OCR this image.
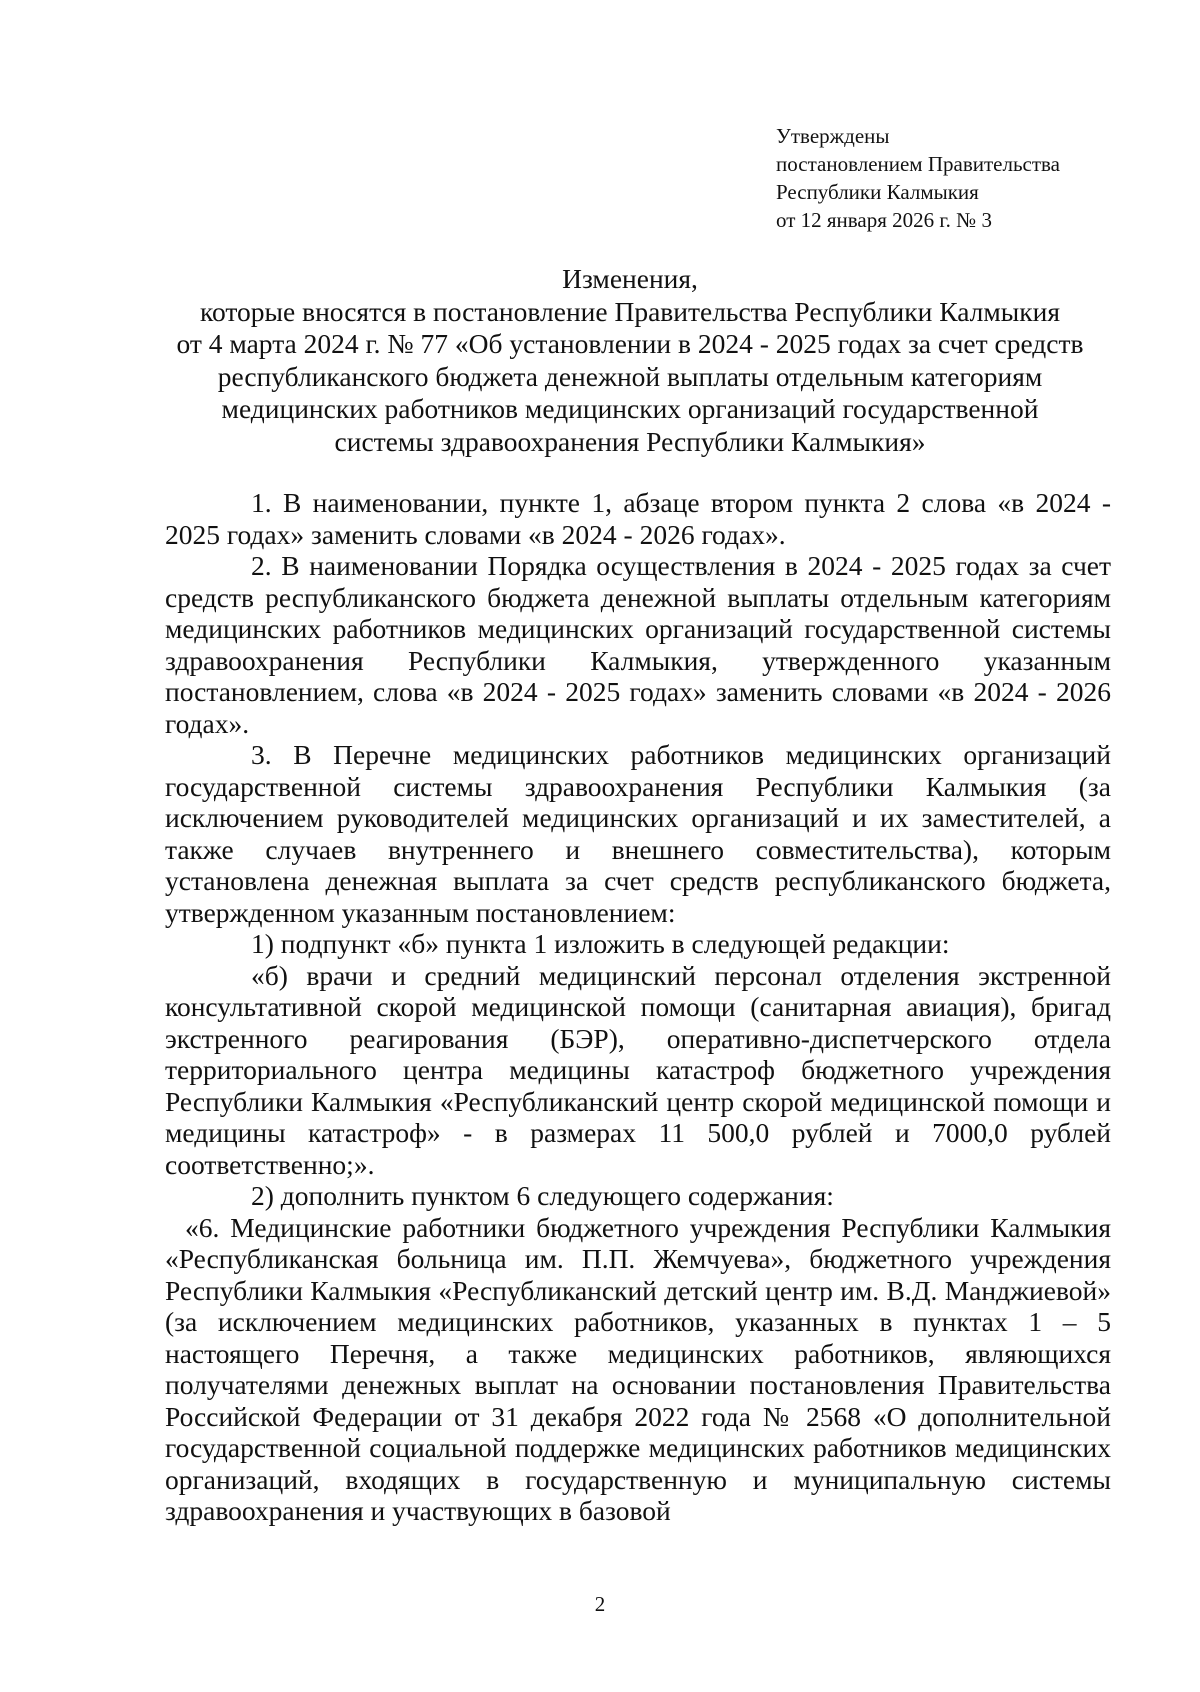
Утверждены
постановлением Правительства
Республики Калмыкия
от 12 января 2026 г. № 3
Изменения,
которые вносятся в постановление Правительства Республики Калмыкия
от 4 марта 2024 г. № 77 «Об установлении в 2024 - 2025 годах за счет средств
республиканского бюджета денежной выплаты отдельным категориям
медицинских работников медицинских организаций государственной
системы здравоохранения Республики Калмыкия»

1. В наименовании, пункте 1, абзаце втором пункта 2 слова «в 2024 - 2025 годах» заменить словами «в 2024 - 2026 годах».

2. В наименовании Порядка осуществления в 2024 - 2025 годах за счет средств республиканского бюджета денежной выплаты отдельным категориям медицинских работников медицинских организаций государственной системы здравоохранения Республики Калмыкия, утвержденного указанным постановлением, слова «в 2024 - 2025 годах» заменить словами «в 2024 - 2026 годах».

3. В Перечне медицинских работников медицинских организаций государственной системы здравоохранения Республики Калмыкия (за исключением руководителей медицинских организаций и их заместителей, а также случаев внутреннего и внешнего совместительства), которым установлена денежная выплата за счет средств республиканского бюджета, утвержденном указанным постановлением:

1) подпункт «б» пункта 1 изложить в следующей редакции:

«б) врачи и средний медицинский персонал отделения экстренной консультативной скорой медицинской помощи (санитарная авиация), бригад экстренного реагирования (БЭР), оперативно-диспетчерского отдела территориального центра медицины катастроф бюджетного учреждения Республики Калмыкия «Республиканский центр скорой медицинской помощи и медицины катастроф» - в размерах 11 500,0 рублей и 7000,0 рублей соответственно;».

2) дополнить пунктом 6 следующего содержания:

«6. Медицинские работники бюджетного учреждения Республики Калмыкия «Республиканская больница им. П.П. Жемчуева», бюджетного учреждения Республики Калмыкия «Республиканский детский центр им. В.Д. Манджиевой» (за исключением медицинских работников, указанных в пунктах 1 – 5 настоящего Перечня, а также медицинских работников, являющихся получателями денежных выплат на основании постановления Правительства Российской Федерации от 31 декабря 2022 года № 2568 «О дополнительной государственной социальной поддержке медицинских работников медицинских организаций, входящих в государственную и муниципальную системы здравоохранения и участвующих в базовой

2
